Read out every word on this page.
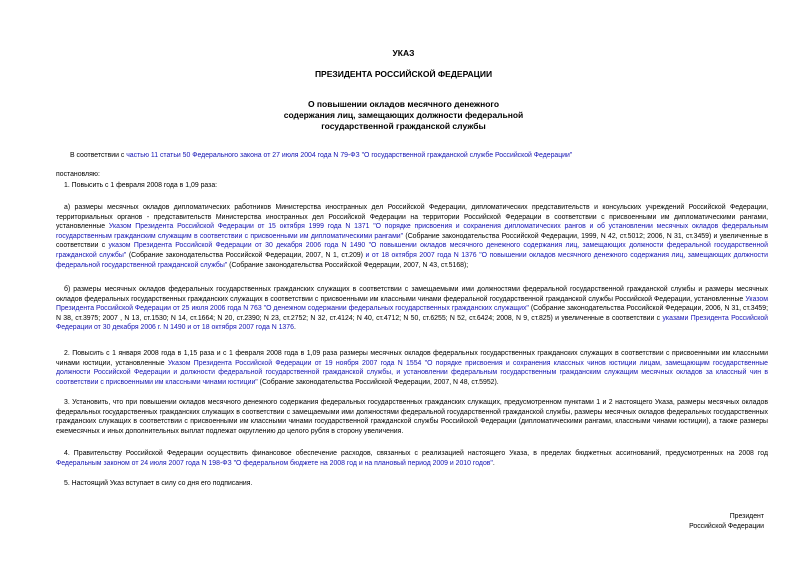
УКАЗ
ПРЕЗИДЕНТА РОССИЙСКОЙ ФЕДЕРАЦИИ
О повышении окладов месячного денежного
содержания лиц, замещающих должности федеральной
государственной гражданской службы
В соответствии с частью 11 статьи 50 Федерального закона от 27 июля 2004 года N 79-ФЗ "О государственной гражданской службе Российской Федерации"
постановляю:
1. Повысить с 1 февраля 2008 года в 1,09 раза:
а) размеры месячных окладов дипломатических работников Министерства иностранных дел Российской Федерации, дипломатических представительств и консульских учреждений Российской Федерации, территориальных органов - представительств Министерства иностранных дел Российской Федерации на территории Российской Федерации в соответствии с присвоенными им дипломатическими рангами, установленные Указом Президента Российской Федерации от 15 октября 1999 года N 1371 "О порядке присвоения и сохранения дипломатических рангов и об установлении месячных окладов федеральным государственным гражданским служащим в соответствии с присвоенными им дипломатическими рангами" (Собрание законодательства Российской Федерации, 1999, N 42, ст.5012; 2006, N 31, ст.3459) и увеличенные в соответствии с указом Президента Российской Федерации от 30 декабря 2006 года N 1490 "О повышении окладов месячного денежного содержания лиц, замещающих должности федеральной государственной гражданской службы" (Собрание законодательства Российской Федерации, 2007, N 1, ст.209) и от 18 октября 2007 года N 1376 "О повышении окладов месячного денежного содержания лиц, замещающих должности федеральной государственной гражданской службы" (Собрание законодательства Российской Федерации, 2007, N 43, ст.5168);
б) размеры месячных окладов федеральных государственных гражданских служащих в соответствии с замещаемыми ими должностями федеральной государственной гражданской службы и размеры месячных окладов федеральных государственных гражданских служащих в соответствии с присвоенными им классными чинами федеральной государственной гражданской службы Российской Федерации, установленные Указом Президента Российской Федерации от 25 июля 2006 года N 763 "О денежном содержании федеральных государственных гражданских служащих" (Собрание законодательства Российской Федерации, 2006, N 31, ст.3459; N 38, ст.3975; 2007 , N 13, ст.1530; N 14, ст.1664; N 20, ст.2390; N 23, ст.2752; N 32, ст.4124; N 40, ст.4712; N 50, ст.6255; N 52, ст.6424; 2008, N 9, ст.825) и увеличенные в соответствии с указами Президента Российской Федерации от 30 декабря 2006 г. N 1490 и от 18 октября 2007 года N 1376.
2. Повысить с 1 января 2008 года в 1,15 раза и с 1 февраля 2008 года в 1,09 раза размеры месячных окладов федеральных государственных гражданских служащих в соответствии с присвоенными им классными чинами юстиции, установленные Указом Президента Российской Федерации от 19 ноября 2007 года N 1554 "О порядке присвоения и сохранения классных чинов юстиции лицам, замещающим государственные должности Российской Федерации и должности федеральной государственной гражданской службы, и установлении федеральным государственным гражданским служащим месячных окладов за классный чин в соответствии с присвоенными им классными чинами юстиции" (Собрание законодательства Российской Федерации, 2007, N 48, ст.5952).
3. Установить, что при повышении окладов месячного денежного содержания федеральных государственных гражданских служащих, предусмотренном пунктами 1 и 2 настоящего Указа, размеры месячных окладов федеральных государственных гражданских служащих в соответствии с замещаемыми ими должностями федеральной государственной гражданской службы, размеры месячных окладов федеральных государственных гражданских служащих в соответствии с присвоенными им классными чинами государственной гражданской службы Российской Федерации (дипломатическими рангами, классными чинами юстиции), а также размеры ежемесячных и иных дополнительных выплат подлежат округлению до целого рубля в сторону увеличения.
4. Правительству Российской Федерации осуществить финансовое обеспечение расходов, связанных с реализацией настоящего Указа, в пределах бюджетных ассигнований, предусмотренных на 2008 год Федеральным законом от 24 июля 2007 года N 198-ФЗ "О федеральном бюджете на 2008 год и на плановый период 2009 и 2010 годов".
5. Настоящий Указ вступает в силу со дня его подписания.
Президент
Российской Федерации
